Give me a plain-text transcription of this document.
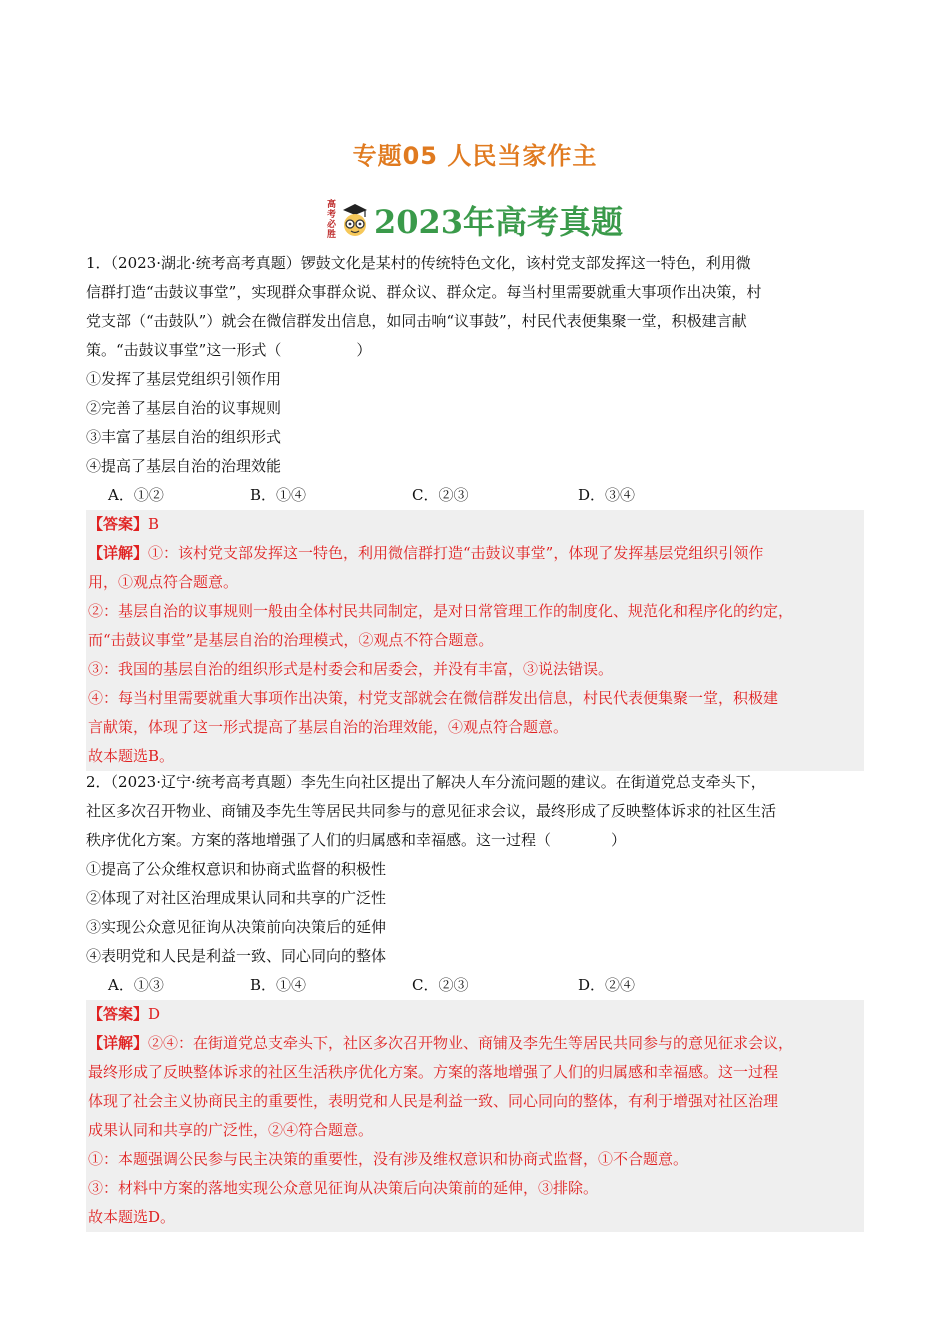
专题05 人民当家作主
高
考
必
胜 2023年高考真题
1．（2023·湖北·统考高考真题）锣鼓文化是某村的传统特色文化，该村党支部发挥这一特色，利用微
信群打造“击鼓议事堂”，实现群众事群众说、群众议、群众定。每当村里需要就重大事项作出决策，村
党支部（“击鼓队”）就会在微信群发出信息，如同击响“议事鼓”，村民代表便集聚一堂，积极建言献
策。“击鼓议事堂”这一形式（　　　　　）
①发挥了基层党组织引领作用
②完善了基层自治的议事规则
③丰富了基层自治的组织形式
④提高了基层自治的治理效能
A．①②	B．①④	C．②③	D．③④
【答案】B
【详解】①：该村党支部发挥这一特色，利用微信群打造“击鼓议事堂”，体现了发挥基层党组织引领作
用，①观点符合题意。
②：基层自治的议事规则一般由全体村民共同制定，是对日常管理工作的制度化、规范化和程序化的约定，
而“击鼓议事堂”是基层自治的治理模式，②观点不符合题意。
③：我国的基层自治的组织形式是村委会和居委会，并没有丰富，③说法错误。
④：每当村里需要就重大事项作出决策，村党支部就会在微信群发出信息，村民代表便集聚一堂，积极建
言献策，体现了这一形式提高了基层自治的治理效能，④观点符合题意。
故本题选B。
2．（2023·辽宁·统考高考真题）李先生向社区提出了解决人车分流问题的建议。在街道党总支牵头下，
社区多次召开物业、商铺及李先生等居民共同参与的意见征求会议，最终形成了反映整体诉求的社区生活
秩序优化方案。方案的落地增强了人们的归属感和幸福感。这一过程（　　　　）
①提高了公众维权意识和协商式监督的积极性
②体现了对社区治理成果认同和共享的广泛性
③实现公众意见征询从决策前向决策后的延伸
④表明党和人民是利益一致、同心同向的整体
A．①③	B．①④	C．②③	D．②④
【答案】D
【详解】②④：在街道党总支牵头下，社区多次召开物业、商铺及李先生等居民共同参与的意见征求会议，
最终形成了反映整体诉求的社区生活秩序优化方案。方案的落地增强了人们的归属感和幸福感。这一过程
体现了社会主义协商民主的重要性，表明党和人民是利益一致、同心同向的整体，有利于增强对社区治理
成果认同和共享的广泛性，②④符合题意。
①：本题强调公民参与民主决策的重要性，没有涉及维权意识和协商式监督，①不合题意。
③：材料中方案的落地实现公众意见征询从决策后向决策前的延伸，③排除。
故本题选D。
